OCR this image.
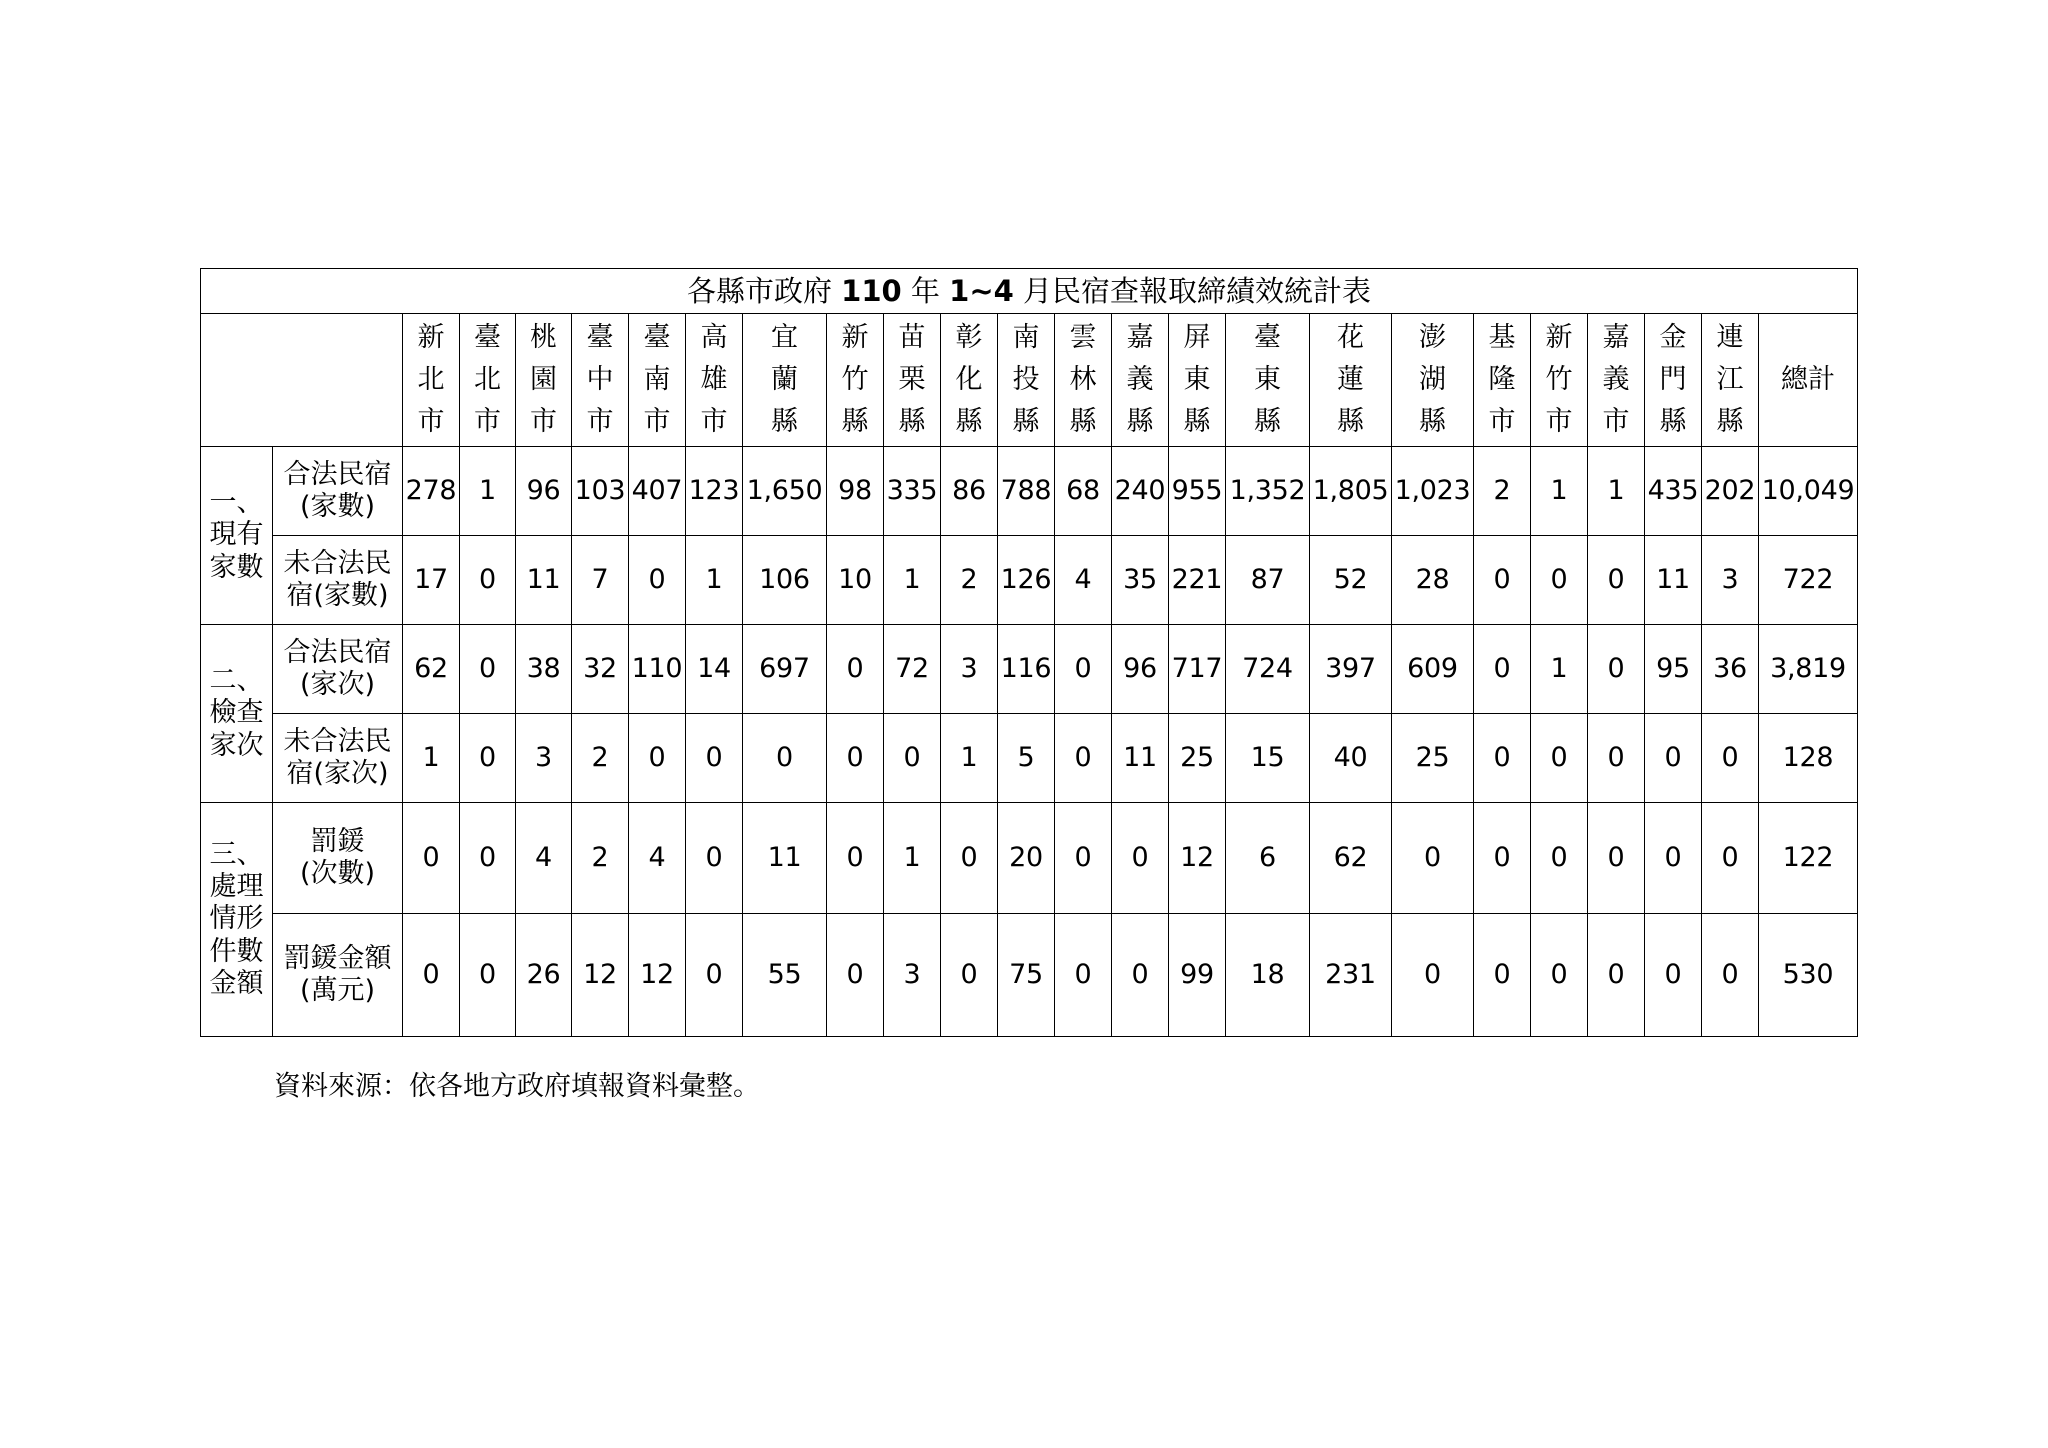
各縣市政府 110 年 1~4 月民宿查報取締績效統計表																								
		新北市	臺北市	桃園市	臺中市	臺南市	高雄市	宜蘭縣	新竹縣	苗栗縣	彰化縣	南投縣	雲林縣	嘉義縣	屏東縣	臺東縣	花蓮縣	澎湖縣	基隆市	新竹市	嘉義市	金門縣	連江縣	總計

一、
現有
家數	合法民宿
(家數)	278	1	96	103	407	123	1,650	98	335	86	788	68	240	955	1,352	1,805	1,023	2	1	1	435	202	10,049
	未合法民
宿(家數)	17	0	11	7	0	1	106	10	1	2	126	4	35	221	87	52	28	0	0	0	11	3	722

二、
檢查
家次	合法民宿
(家次)	62	0	38	32	110	14	697	0	72	3	116	0	96	717	724	397	609	0	1	0	95	36	3,819
	未合法民
宿(家次)	1	0	3	2	0	0	0	0	0	1	5	0	11	25	15	40	25	0	0	0	0	0	128

三、
處理
情形
件數
金額	罰鍰
(次數)	0	0	4	2	4	0	11	0	1	0	20	0	0	12	6	62	0	0	0	0	0	0	122
	罰鍰金額
(萬元)	0	0	26	12	12	0	55	0	3	0	75	0	0	99	18	231	0	0	0	0	0	0	530
資料來源：依各地方政府填報資料彙整。
